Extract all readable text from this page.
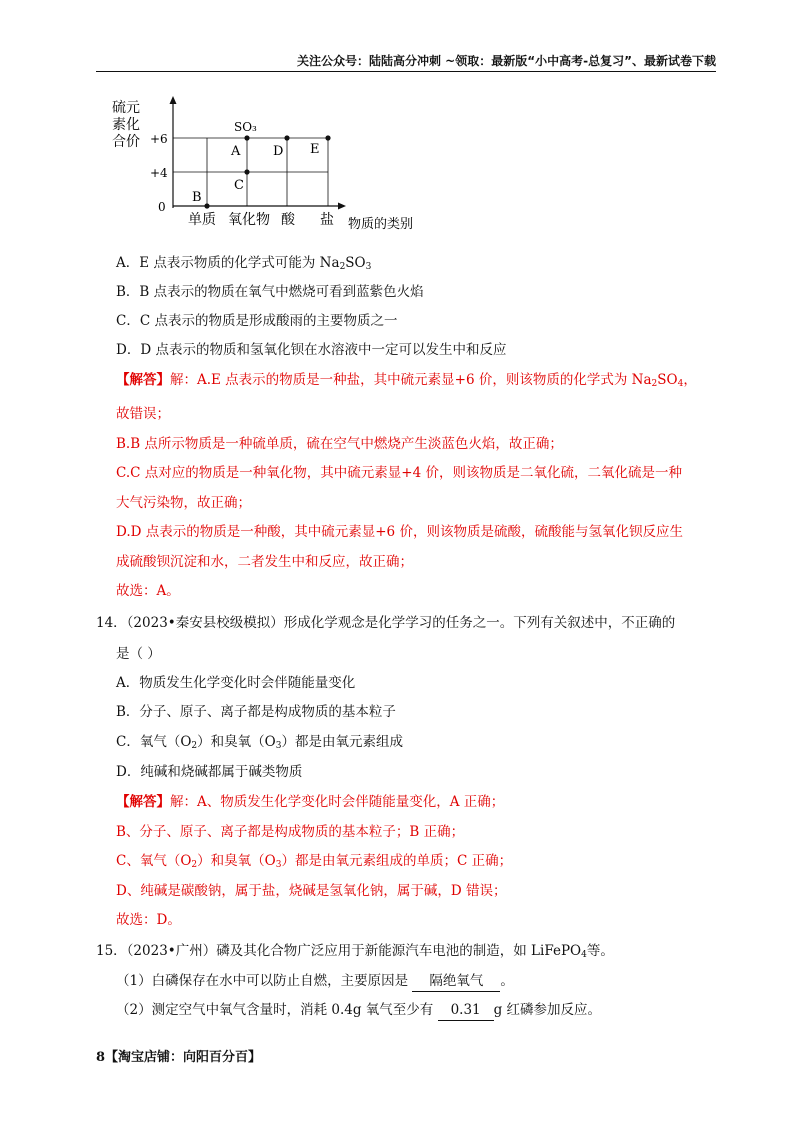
关注公众号：陆陆高分冲刺 ~领取：最新版“小中高考-总复习”、最新试卷下载
硫元
素化
合价 +6
+4
0
单质 氧化物 酸 盐 物质的类别
SO₃
A
B
C
D E
A．E 点表示物质的化学式可能为 $Na_2SO_3$
B．B 点表示的物质在氧气中燃烧可看到蓝紫色火焰
C．C 点表示的物质是形成酸雨的主要物质之一
D．D 点表示的物质和氢氧化钡在水溶液中一定可以发生中和反应
【解答】解：A.E 点表示的物质是一种盐，其中硫元素显+6 价，则该物质的化学式为 $Na_2SO_4$，
故错误；
B.B 点所示物质是一种硫单质，硫在空气中燃烧产生淡蓝色火焰，故正确；
C.C 点对应的物质是一种氧化物，其中硫元素显+4 价，则该物质是二氧化硫，二氧化硫是一种
大气污染物，故正确；
D.D 点表示的物质是一种酸，其中硫元素显+6 价，则该物质是硫酸，硫酸能与氢氧化钡反应生
成硫酸钡沉淀和水，二者发生中和反应，故正确；
故选：A。
14．（2023•秦安县校级模拟）形成化学观念是化学学习的任务之一。下列有关叙述中，不正确的
是（ ）
A．物质发生化学变化时会伴随能量变化
B．分子、原子、离子都是构成物质的基本粒子
C．氧气$(O_2)$和臭氧$(O_3)$都是由氧元素组成
D．纯碱和烧碱都属于碱类物质
【解答】解：A、物质发生化学变化时会伴随能量变化，A 正确；
B、分子、原子、离子都是构成物质的基本粒子；B 正确；
C、氧气$(O_2)$和臭氧$(O_3)$都是由氧元素组成的单质；C 正确；
D、纯碱是碳酸钠，属于盐，烧碱是氢氧化钠，属于碱，D 错误；
故选：D。
15．（2023•广州）磷及其化合物广泛应用于新能源汽车电池的制造，如 LiFePO$_4$等。
（1）白磷保存在水中可以防止自燃，主要原因是 隔绝氧气 。
（2）测定空气中氧气含量时，消耗 0.4g 氧气至少有 0.31 g 红磷参加反应。
8【淘宝店铺：向阳百分百】
